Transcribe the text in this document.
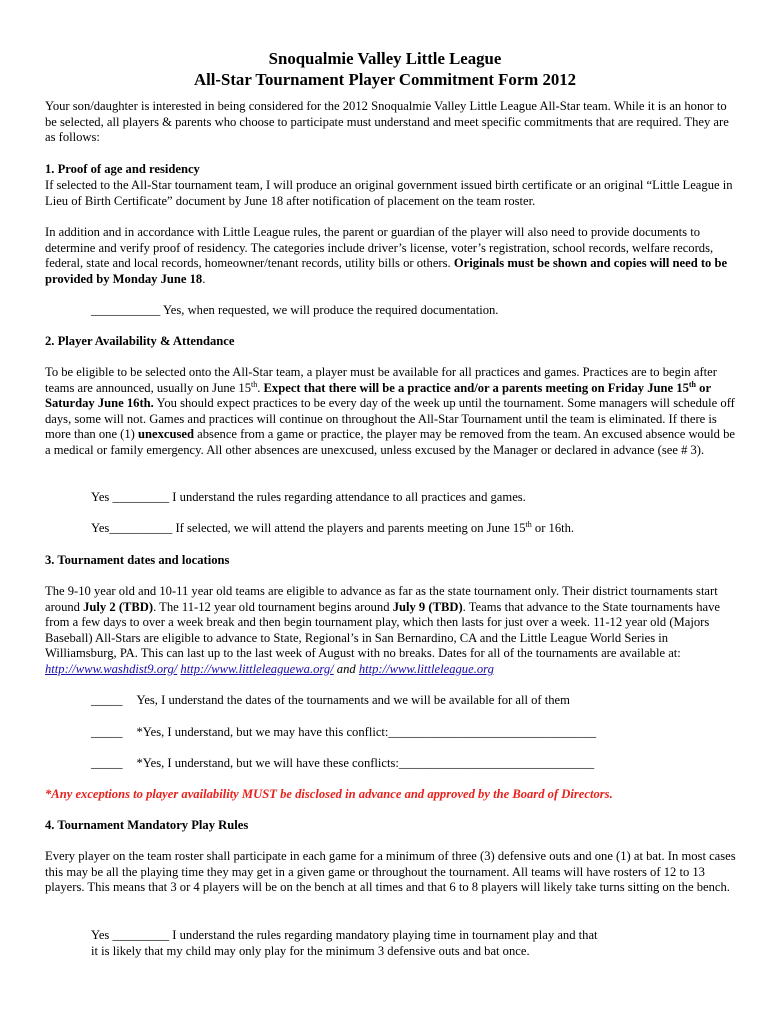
Snoqualmie Valley Little League
All-Star Tournament Player Commitment Form 2012

Your son/daughter is interested in being considered for the 2012 Snoqualmie Valley Little League All-Star team. While it is an honor to be selected, all players & parents who choose to participate must understand and meet specific commitments that are required. They are as follows:

1. Proof of age and residency

If selected to the All-Star tournament team, I will produce an original government issued birth certificate or an original “Little League in Lieu of Birth Certificate” document by June 18 after notification of placement on the team roster.

In addition and in accordance with Little League rules, the parent or guardian of the player will also need to provide documents to determine and verify proof of residency. The categories include driver’s license, voter’s registration, school records, welfare records, federal, state and local records, homeowner/tenant records, utility bills or others. Originals must be shown and copies will need to be provided by Monday June 18.

___________ Yes, when requested, we will produce the required documentation.

2. Player Availability & Attendance

To be eligible to be selected onto the All-Star team, a player must be available for all practices and games. Practices are to begin after teams are announced, usually on June 15th. Expect that there will be a practice and/or a parents meeting on Friday June 15th or Saturday June 16th. You should expect practices to be every day of the week up until the tournament. Some managers will schedule off days, some will not. Games and practices will continue on throughout the All-Star Tournament until the team is eliminated. If there is more than one (1) unexcused absence from a game or practice, the player may be removed from the team. An excused absence would be a medical or family emergency. All other absences are unexcused, unless excused by the Manager or declared in advance (see # 3).

Yes _________ I understand the rules regarding attendance to all practices and games.

Yes__________ If selected, we will attend the players and parents meeting on June 15th or 16th.

3. Tournament dates and locations

The 9-10 year old and 10-11 year old teams are eligible to advance as far as the state tournament only. Their district tournaments start around July 2 (TBD). The 11-12 year old tournament begins around July 9 (TBD). Teams that advance to the State tournaments have from a few days to over a week break and then begin tournament play, which then lasts for just over a week. 11-12 year old (Majors Baseball) All-Stars are eligible to advance to State, Regional’s in San Bernardino, CA and the Little League World Series in Williamsburg, PA. This can last up to the last week of August with no breaks. Dates for all of the tournaments are available at: http://www.washdist9.org/ http://www.littleleaguewa.org/ and http://www.littleleague.org

_____ Yes, I understand the dates of the tournaments and we will be available for all of them

_____ *Yes, I understand, but we may have this conflict:_________________________________

_____ *Yes, I understand, but we will have these conflicts:_______________________________

*Any exceptions to player availability MUST be disclosed in advance and approved by the Board of Directors.

4. Tournament Mandatory Play Rules

Every player on the team roster shall participate in each game for a minimum of three (3) defensive outs and one (1) at bat. In most cases this may be all the playing time they may get in a given game or throughout the tournament. All teams will have rosters of 12 to 13 players. This means that 3 or 4 players will be on the bench at all times and that 6 to 8 players will likely take turns sitting on the bench.

Yes _________ I understand the rules regarding mandatory playing time in tournament play and that

it is likely that my child may only play for the minimum 3 defensive outs and bat once.
